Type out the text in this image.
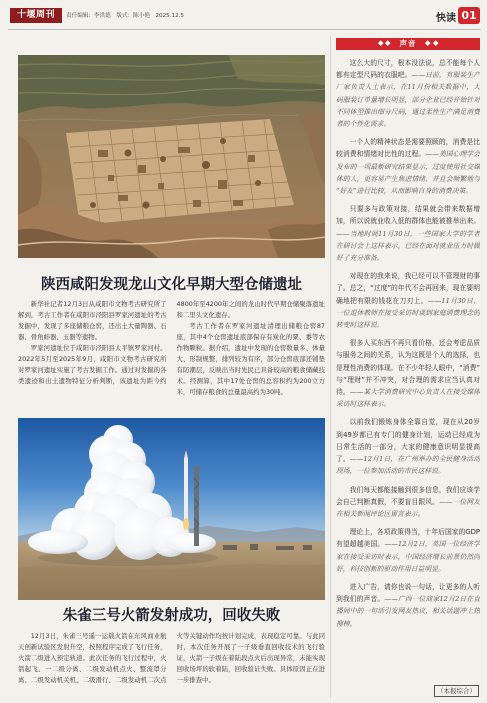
十堰周刊	责任编辑：李洪德　版式：陈小艳　2025.12.5	快读 01
陕西咸阳发现龙山文化早期大型仓储遗址

新华社记者12月3日从咸阳市文物考古研究所了解到，考古工作者在咸阳市泾阳县罗家河遗址的考古发掘中，发现了多座储粮仓窖，还出土大量陶器、石器、骨角蚌器、玉器等遗物。

罗家河遗址位于咸阳市泾阳县太平镇罗家河村。2022年5月至2025年9月，咸阳市文物考古研究所对罗家河遗址实施了考古发掘工作。通过对发掘的各类遗迹和出土遗物特征分析判断，该遗址为距今约4800年至4200年之间的龙山时代早期仓储聚落遗址和二里头文化遗存。

考古工作者在罗家河遗址清理出储粮仓窖87座，其中4个仓窖遗址底部保存有炭化的粟、黍等农作物颗粒。据介绍，遗址中发现的仓窖数量多、体量大、形制规整，排列较为有序，部分仓窖底部还铺垫有防潮层，反映出当时先民已具备较高的粮食储藏技术。经测算，其中17处仓窖的总容积约为200立方米，可储存粮食的总量最高约为30吨。

朱雀三号火箭发射成功，回收失败

12月3日，朱雀三号遥一运载火箭在东风商业航天创新试验区发射升空，按照程序完成了飞行任务，火箭二级进入预定轨道。此次任务的飞行过程中，火箭起飞、一二级分离、二级发动机点火、整流罩分离、二级发动机关机、二级滑行、二级发动机二次点火等关键动作均按计划完成，表现稳定可靠。与此同时，本次任务开展了一子级垂直回收技术的飞行验证，火箭一子级在着陆段点火后出现异常，未能实现回收场坪的软着陆，回收验证失败。具体原因正在进一步排查中。

声音

这么大的尺寸，根本没法说，总不能每个人都有定型尺码的衣服吧。——日前，有服装生产厂家负责人士表示，在11月份相关数据中，大码服装订单量增长明显，部分企业已经开始针对不同体型推出细分尺码，通过柔性生产满足消费者的个性化需求。

一个人的精神状态是需要照顾的，消费是比较消费和情绪对比性的过程。——美国心理学会发布的一项最新研究结果显示，过度使用社交媒体的人，更容易产生焦虑情绪，并且会频繁地与“好友”进行比较，从而影响自身的消费决策。

只要多与政策对接，结果就会带来数据增加，所以说就业收入低的群体也能被推举出来。——当地时间11月30日，一些国家大学的学者在研讨会上这样表示，已经在面对就业压力时做好了充分准备。

对现在的我来说，我已经可以不管理财的事了。总之，“过度”的年代不会再回来，现在要明确地把有限的钱花在刀刃上。——11月30日，一位退休教师在接受采访时谈到家庭消费理念的转变时这样说。

很多人买东西不再只看价格，还会考虑品质与服务之间的关系，认为这既是个人的选择，也是理性消费的体现。在不少年轻人眼中，“消费”与“理财”并不冲突，对合理的需求应当认真对待。——某大学消费研究中心负责人在接受媒体采访时这样表示。

以前我们锻炼身体全靠自觉，现在从20岁到49岁都已有专门的健身计划，运动已经成为日常生活的一部分，大家的健康意识明显提高了。——12月1日，在广州举办的全民健身活动现场，一位参加活动的市民这样说。

我们每天都能接触到很多信息，我们应该学会自己判断真假，不要盲目跟风。——一位网友在相关新闻评论区留言表示。

理论上，各项政策得当，十年后国家的GDP有望超越美国。——12月2日，英国一位经济学家在接受采访时表示，中国经济增长前景仍然向好，科技创新的驱动作用日益明显。

进入广告，请你也说一句话，让更多的人听到我们的声音。——广西一位商家12月2日在直播间中的一句话引发网友热议，相关话题冲上热搜榜。

（本报综合）
